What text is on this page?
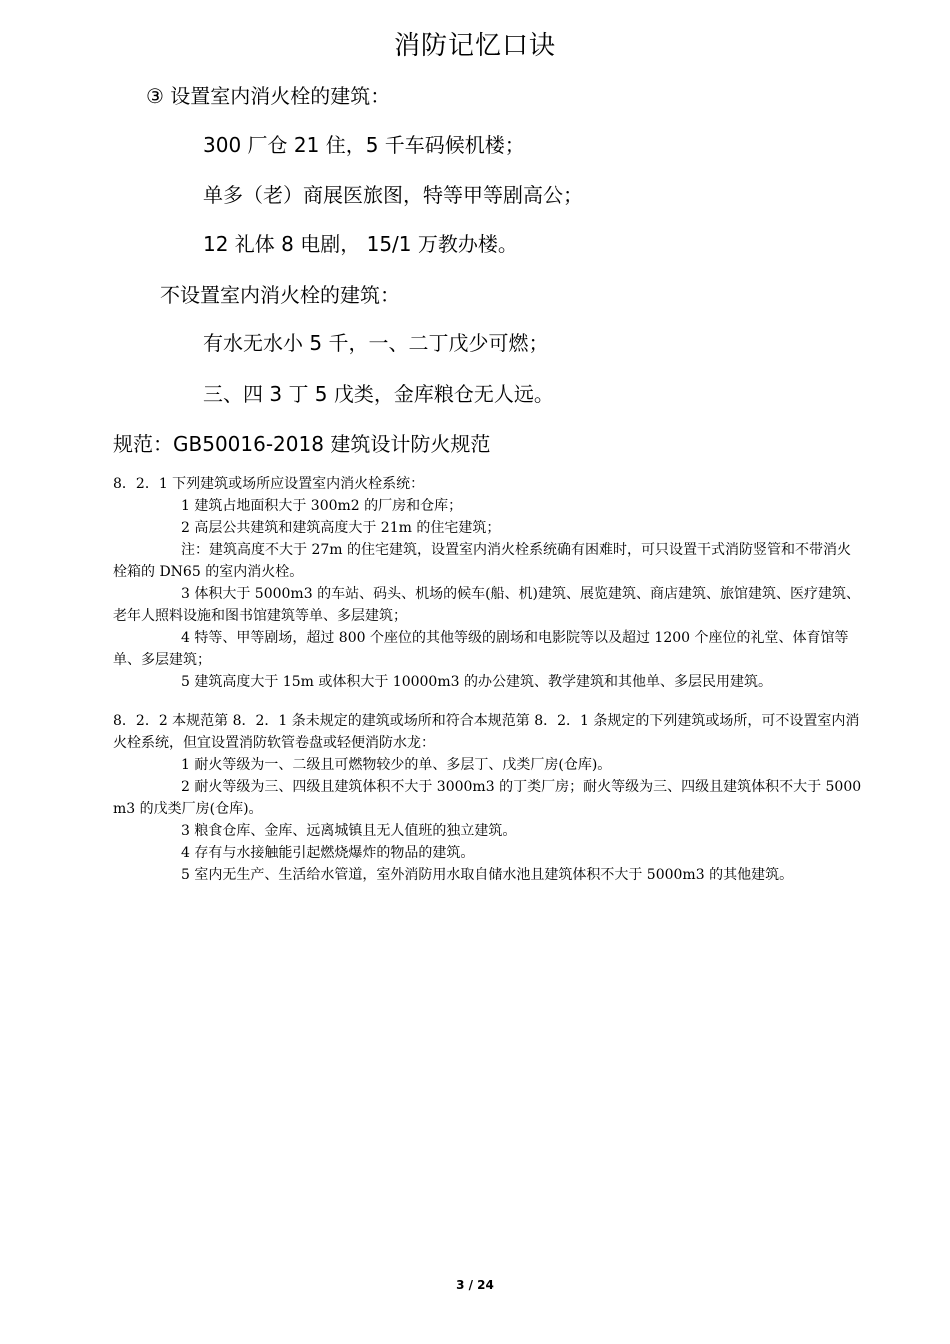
消防记忆口诀
③ 设置室内消火栓的建筑：
300 厂仓 21 住，5 千车码候机楼；
单多（老）商展医旅图，特等甲等剧高公；
12 礼体 8 电剧， 15/1 万教办楼。
不设置室内消火栓的建筑：
有水无水小 5 千，一、二丁戊少可燃；
三、四 3 丁 5 戊类，金库粮仓无人远。
规范：GB50016-2018 建筑设计防火规范

8．2．1 下列建筑或场所应设置室内消火栓系统：

1 建筑占地面积大于 300m2 的厂房和仓库；

2 高层公共建筑和建筑高度大于 21m 的住宅建筑；

注：建筑高度不大于 27m 的住宅建筑，设置室内消火栓系统确有困难时，可只设置干式消防竖管和不带消火栓箱的 DN65 的室内消火栓。

3 体积大于 5000m3 的车站、码头、机场的候车(船、机)建筑、展览建筑、商店建筑、旅馆建筑、医疗建筑、老年人照料设施和图书馆建筑等单、多层建筑；

4 特等、甲等剧场，超过 800 个座位的其他等级的剧场和电影院等以及超过 1200 个座位的礼堂、体育馆等单、多层建筑；

5 建筑高度大于 15m 或体积大于 10000m3 的办公建筑、教学建筑和其他单、多层民用建筑。

8．2．2 本规范第 8．2．1 条未规定的建筑或场所和符合本规范第 8．2．1 条规定的下列建筑或场所，可不设置室内消火栓系统，但宜设置消防软管卷盘或轻便消防水龙：

1 耐火等级为一、二级且可燃物较少的单、多层丁、戊类厂房(仓库)。

2 耐火等级为三、四级且建筑体积不大于 3000m3 的丁类厂房；耐火等级为三、四级且建筑体积不大于 5000m3 的戊类厂房(仓库)。

3 粮食仓库、金库、远离城镇且无人值班的独立建筑。

4 存有与水接触能引起燃烧爆炸的物品的建筑。

5 室内无生产、生活给水管道，室外消防用水取自储水池且建筑体积不大于 5000m3 的其他建筑。

3 / 24
